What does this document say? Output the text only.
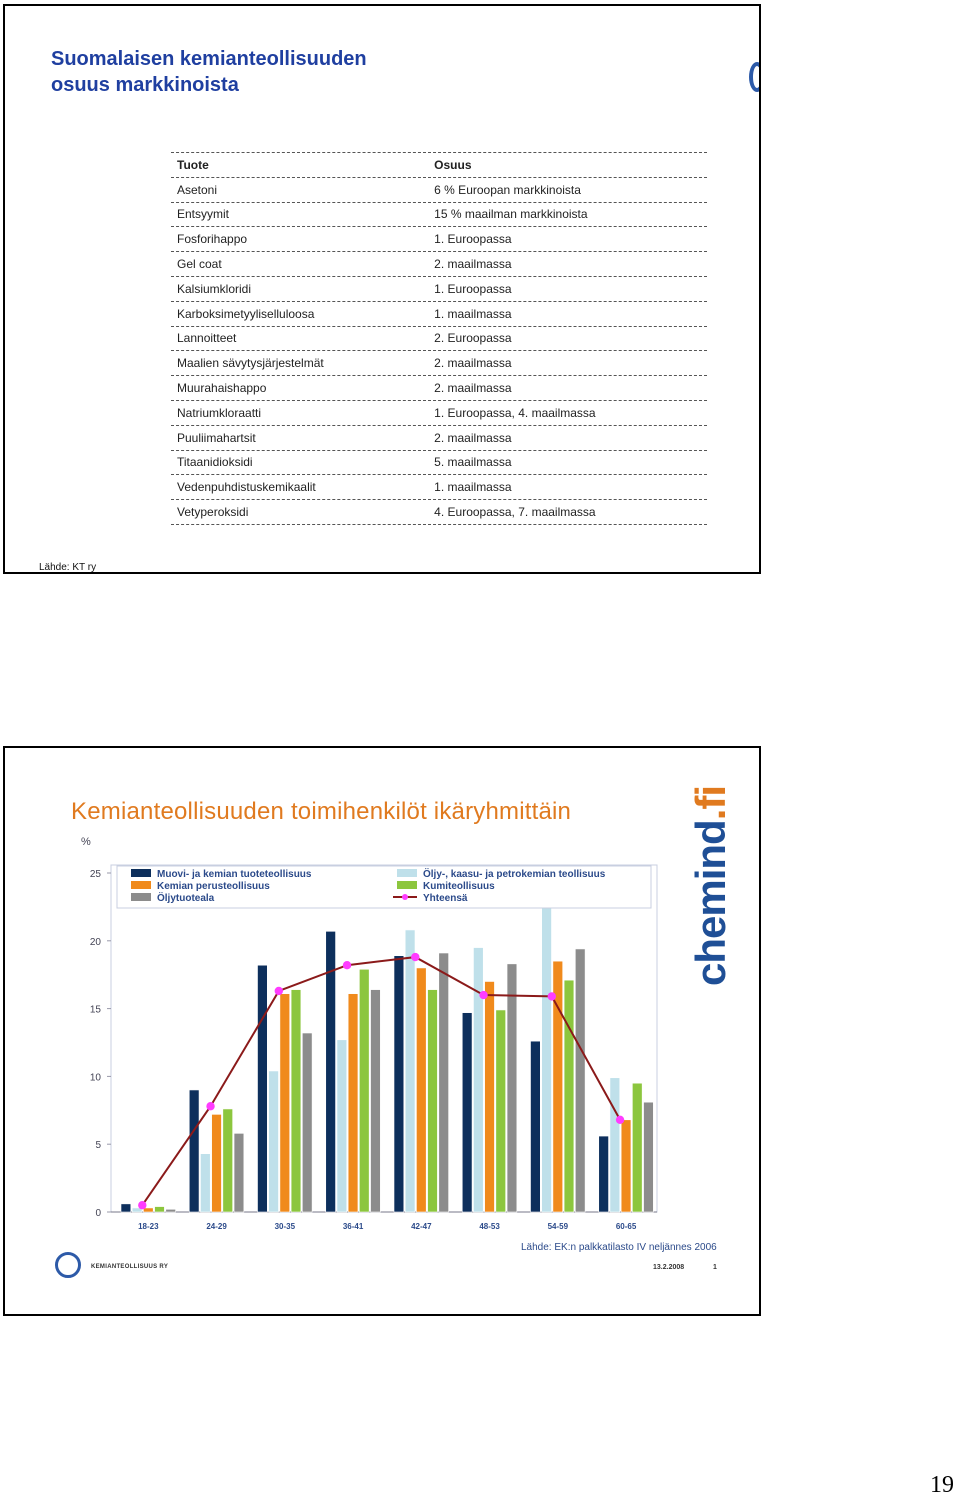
Suomalaisen kemianteollisuuden
osuus markkinoista
Tuote		Osuus
Asetoni		6 % Euroopan markkinoista
Entsyymit		15 % maailman markkinoista
Fosforihappo		1. Euroopassa
Gel coat		2. maailmassa
Kalsiumkloridi		1. Euroopassa
Karboksimetyyliselluloosa		1. maailmassa
Lannoitteet		2. Euroopassa
Maalien sävytysjärjestelmät		2. maailmassa
Muurahaishappo		2. maailmassa
Natriumkloraatti		1. Euroopassa, 4. maailmassa
Puuliimahartsit		2. maailmassa
Titaanidioksidi		5. maailmassa
Vedenpuhdistuskemikaalit		1. maailmassa
Vetyperoksidi		4. Euroopassa, 7. maailmassa
Lähde: KT ry
Kemianteollisuuden toimihenkilöt ikäryhmittäin
%
0
5
10
15
20
25
18-23	24-29	30-35	36-41	42-47	48-53	54-59	60-65
Muovi- ja kemian tuoteteollisuus	Öljy-, kaasu- ja petrokemian teollisuus
Kemian perusteollisuus	Kumiteollisuus
Öljytuoteala	Yhteensä	chemind.fi
Lähde: EK:n palkkatilasto IV neljännes 2006
KEMIANTEOLLISUUS RY	13.2.2008	1
19
